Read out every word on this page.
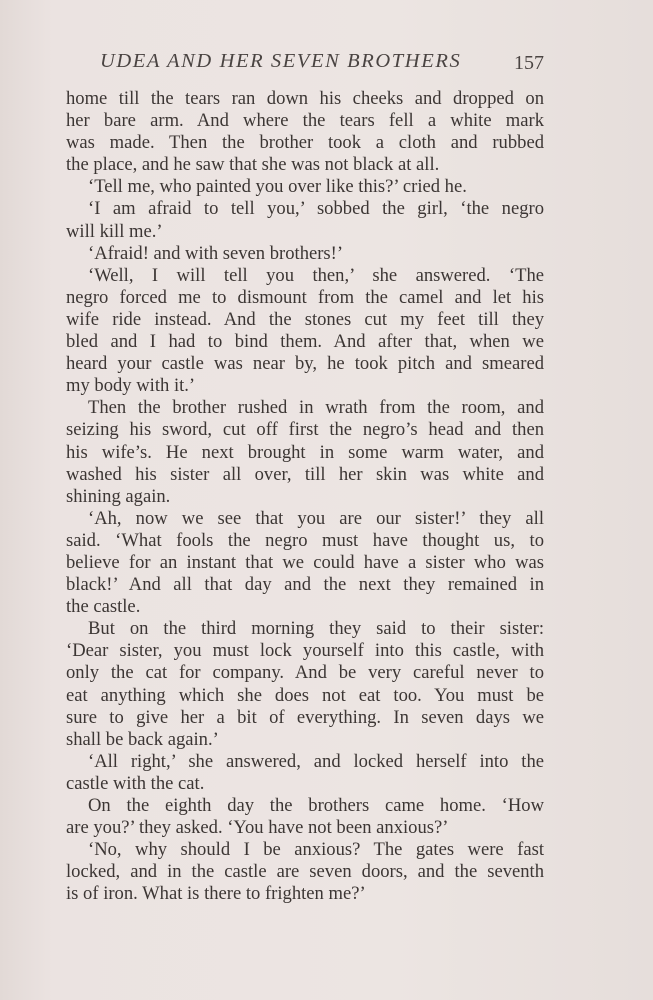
UDEA AND HER SEVEN BROTHERS	157
home till the tears ran down his cheeks and dropped on
her bare arm. And where the tears fell a white mark
was made. Then the brother took a cloth and rubbed
the place, and he saw that she was not black at all.
‘Tell me, who painted you over like this?’ cried he.
‘I am afraid to tell you,’ sobbed the girl, ‘the negro
will kill me.’
‘Afraid! and with seven brothers!’
‘Well, I will tell you then,’ she answered. ‘The
negro forced me to dismount from the camel and let his
wife ride instead. And the stones cut my feet till they
bled and I had to bind them. And after that, when we
heard your castle was near by, he took pitch and smeared
my body with it.’
Then the brother rushed in wrath from the room, and
seizing his sword, cut off first the negro’s head and then
his wife’s. He next brought in some warm water, and
washed his sister all over, till her skin was white and
shining again.
‘Ah, now we see that you are our sister!’ they all
said. ‘What fools the negro must have thought us, to
believe for an instant that we could have a sister who was
black!’ And all that day and the next they remained in
the castle.
But on the third morning they said to their sister:
‘Dear sister, you must lock yourself into this castle, with
only the cat for company. And be very careful never to
eat anything which she does not eat too. You must be
sure to give her a bit of everything. In seven days we
shall be back again.’
‘All right,’ she answered, and locked herself into the
castle with the cat.
On the eighth day the brothers came home. ‘How
are you?’ they asked. ‘You have not been anxious?’
‘No, why should I be anxious? The gates were fast
locked, and in the castle are seven doors, and the seventh
is of iron. What is there to frighten me?’
